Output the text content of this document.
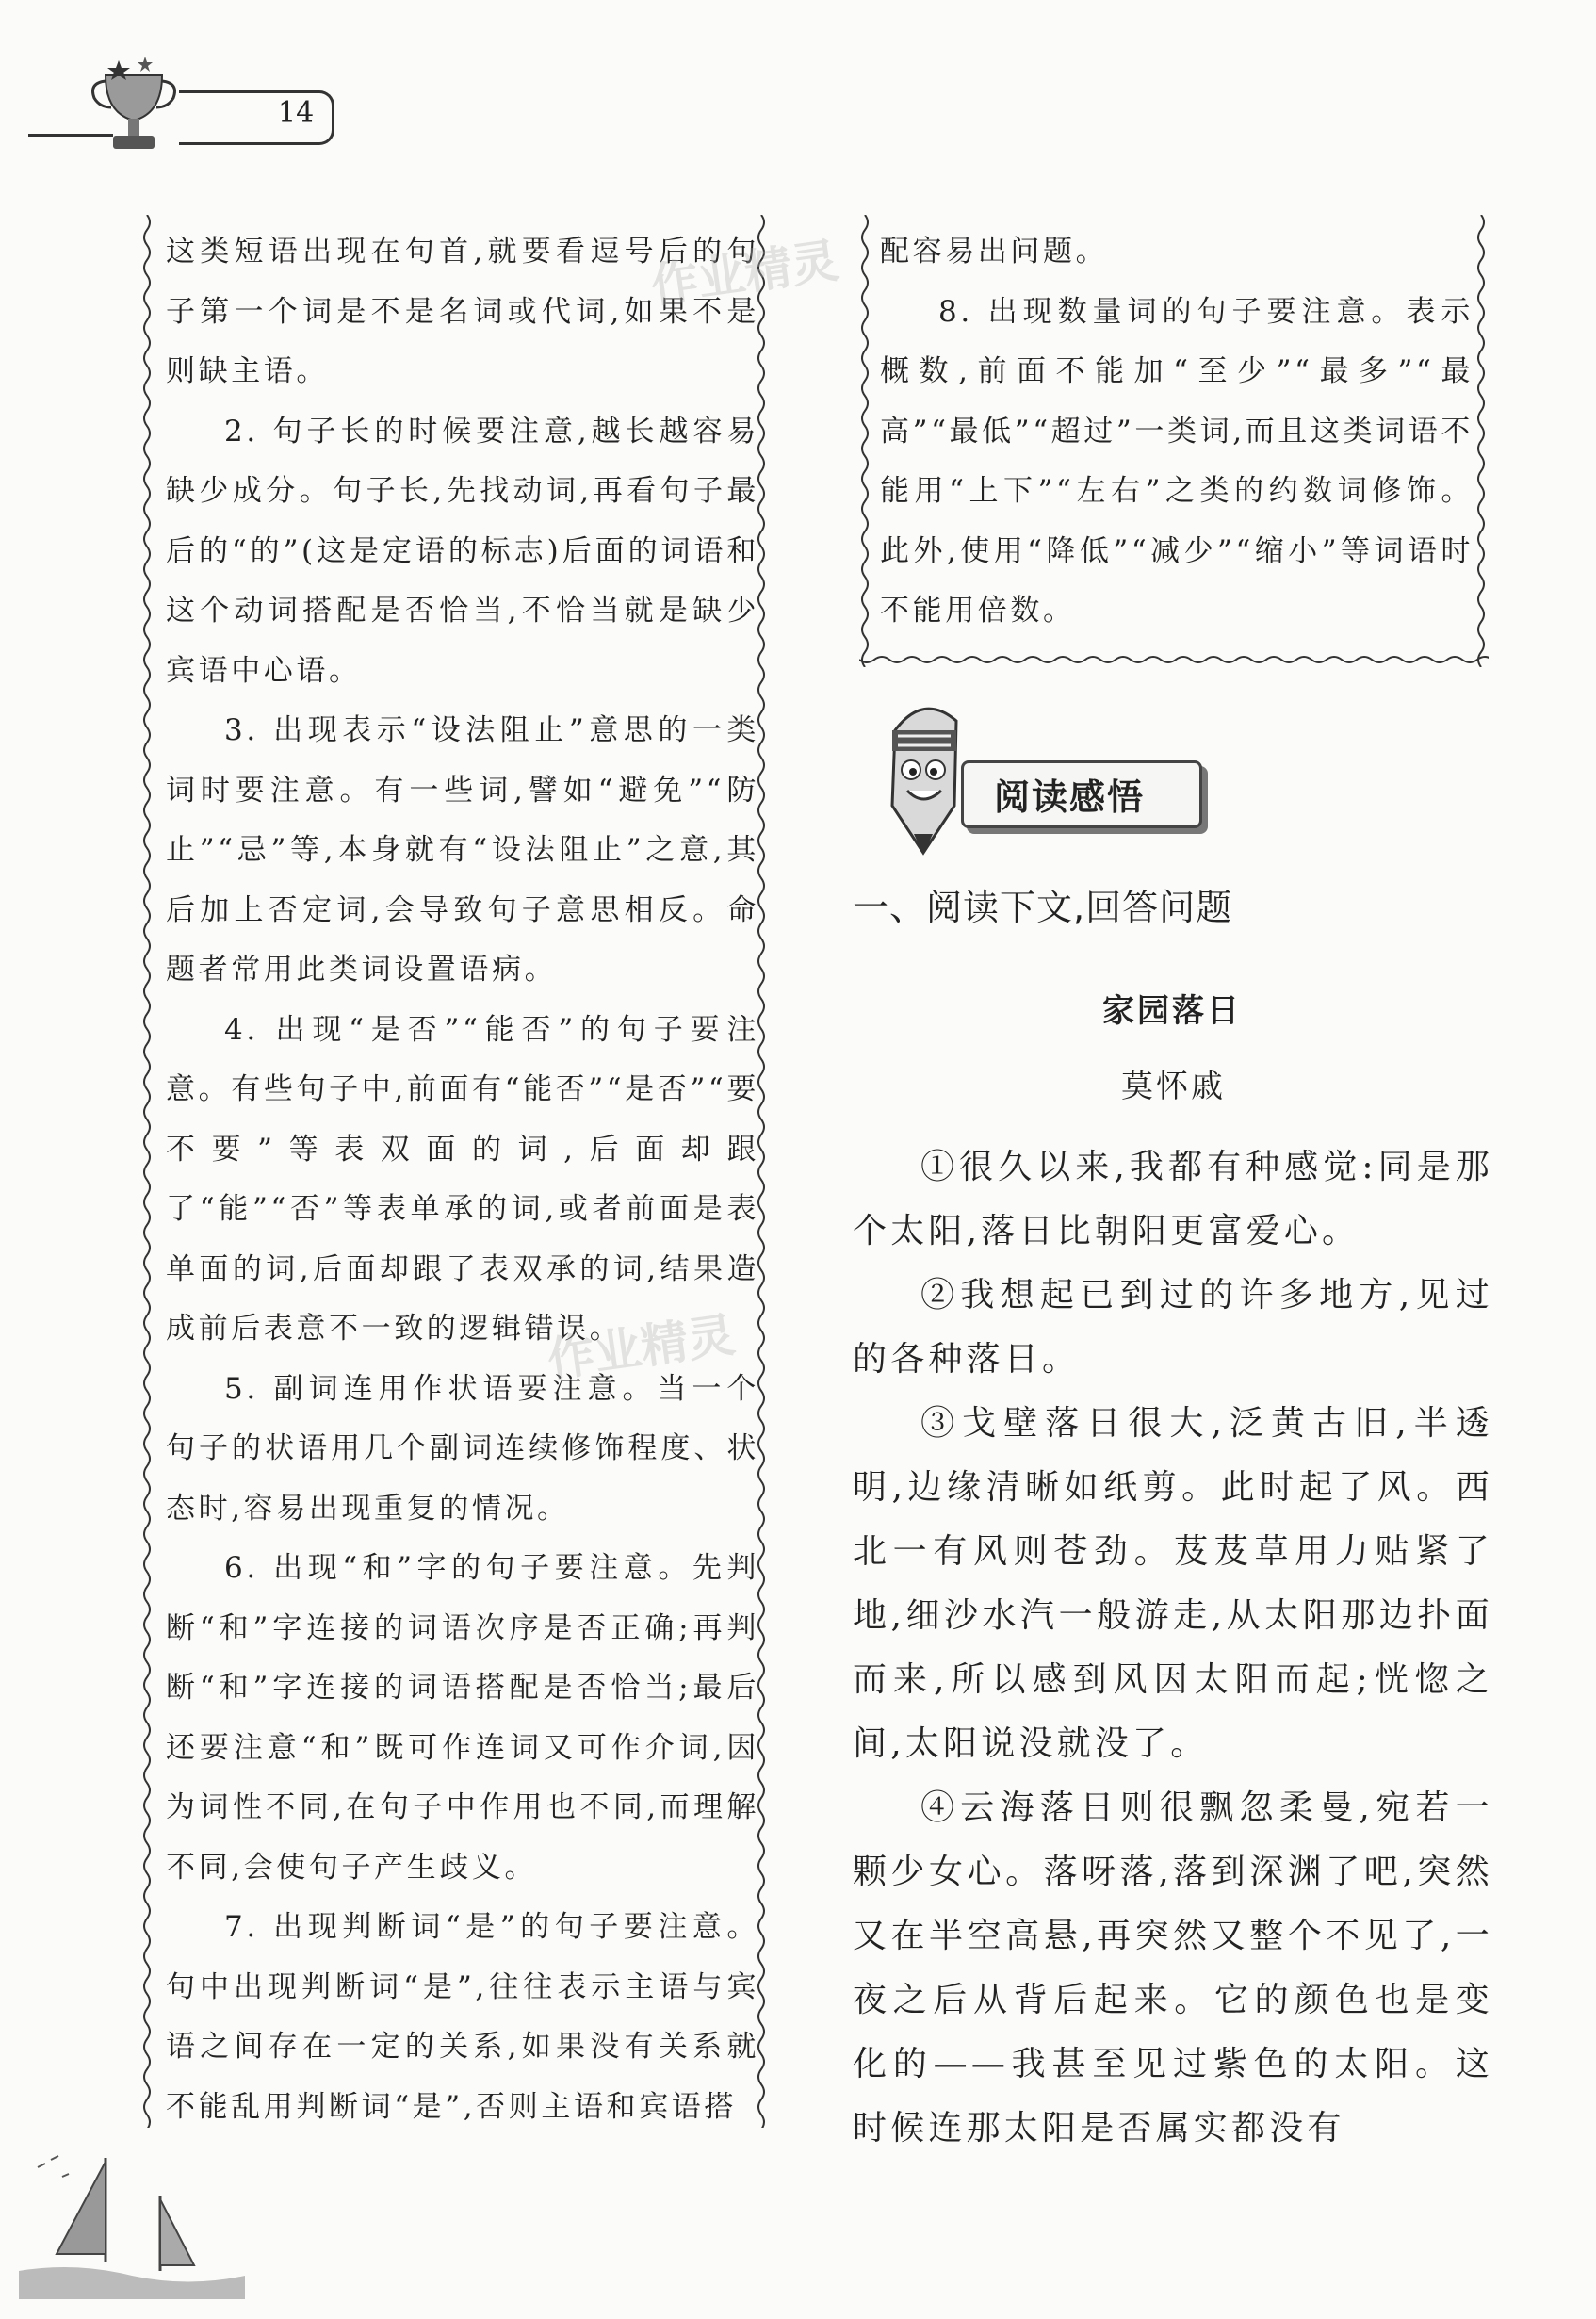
14

这类短语出现在句首,就要看逗号后的句子第一个词是不是名词或代词,如果不是则缺主语。

2. 句子长的时候要注意,越长越容易缺少成分。句子长,先找动词,再看句子最后的“的”(这是定语的标志)后面的词语和这个动词搭配是否恰当,不恰当就是缺少宾语中心语。

3. 出现表示“设法阻止”意思的一类词时要注意。有一些词,譬如“避免”“防止”“忌”等,本身就有“设法阻止”之意,其后加上否定词,会导致句子意思相反。命题者常用此类词设置语病。

4. 出现“是否”“能否”的句子要注意。有些句子中,前面有“能否”“是否”“要不要”等表双面的词,后面却跟了“能”“否”等表单承的词,或者前面是表单面的词,后面却跟了表双承的词,结果造成前后表意不一致的逻辑错误。

5. 副词连用作状语要注意。当一个句子的状语用几个副词连续修饰程度、状态时,容易出现重复的情况。

6. 出现“和”字的句子要注意。先判断“和”字连接的词语次序是否正确;再判断“和”字连接的词语搭配是否恰当;最后还要注意“和”既可作连词又可作介词,因为词性不同,在句子中作用也不同,而理解不同,会使句子产生歧义。

7. 出现判断词“是”的句子要注意。句中出现判断词“是”,往往表示主语与宾语之间存在一定的关系,如果没有关系就不能乱用判断词“是”,否则主语和宾语搭

配容易出问题。

8. 出现数量词的句子要注意。表示概数,前面不能加“至少”“最多”“最高”“最低”“超过”一类词,而且这类词语不能用“上下”“左右”之类的约数词修饰。此外,使用“降低”“减少”“缩小”等词语时不能用倍数。

阅读感悟
一、阅读下文,回答问题
家园落日
莫怀戚

①很久以来,我都有种感觉:同是那个太阳,落日比朝阳更富爱心。

②我想起已到过的许多地方,见过的各种落日。

③戈壁落日很大,泛黄古旧,半透明,边缘清晰如纸剪。此时起了风。西北一有风则苍劲。芨芨草用力贴紧了地,细沙水汽一般游走,从太阳那边扑面而来,所以感到风因太阳而起;恍惚之间,太阳说没就没了。

④云海落日则很飘忽柔曼,宛若一颗少女心。落呀落,落到深渊了吧,突然又在半空高悬,再突然又整个不见了,一夜之后从背后起来。它的颜色也是变化的——我甚至见过紫色的太阳。这时候连那太阳是否属实都没有

作业精灵
作业精灵
